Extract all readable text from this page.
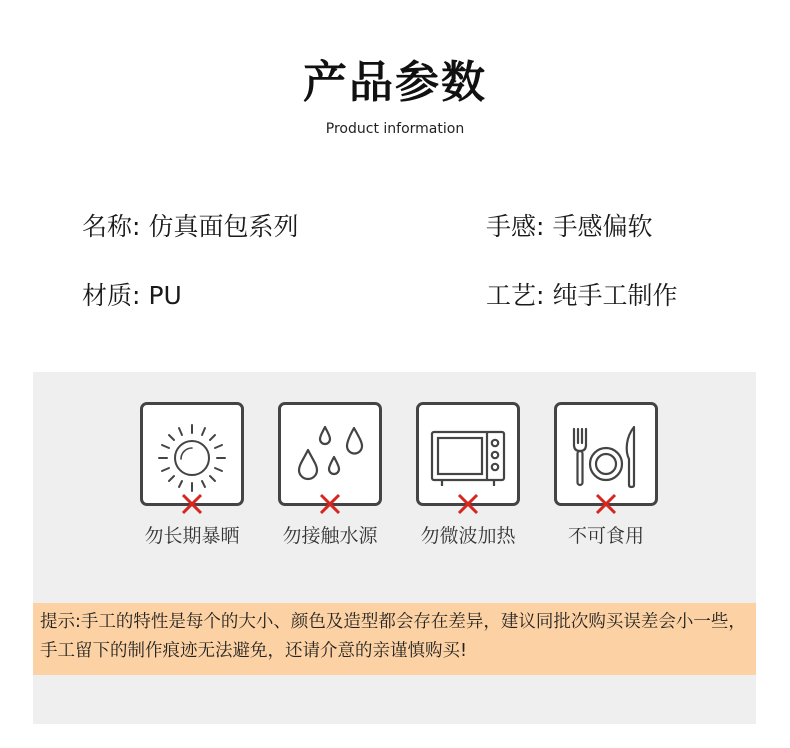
产品参数
Product information
名称: 仿真面包系列	手感: 手感偏软
材质: PU	工艺: 纯手工制作
勿长期暴晒	勿接触水源	勿微波加热	不可食用

提示:手工的特性是每个的大小、颜色及造型都会存在差异，建议同批次购买误差会小一些，手工留下的制作痕迹无法避免，还请介意的亲谨慎购买!
